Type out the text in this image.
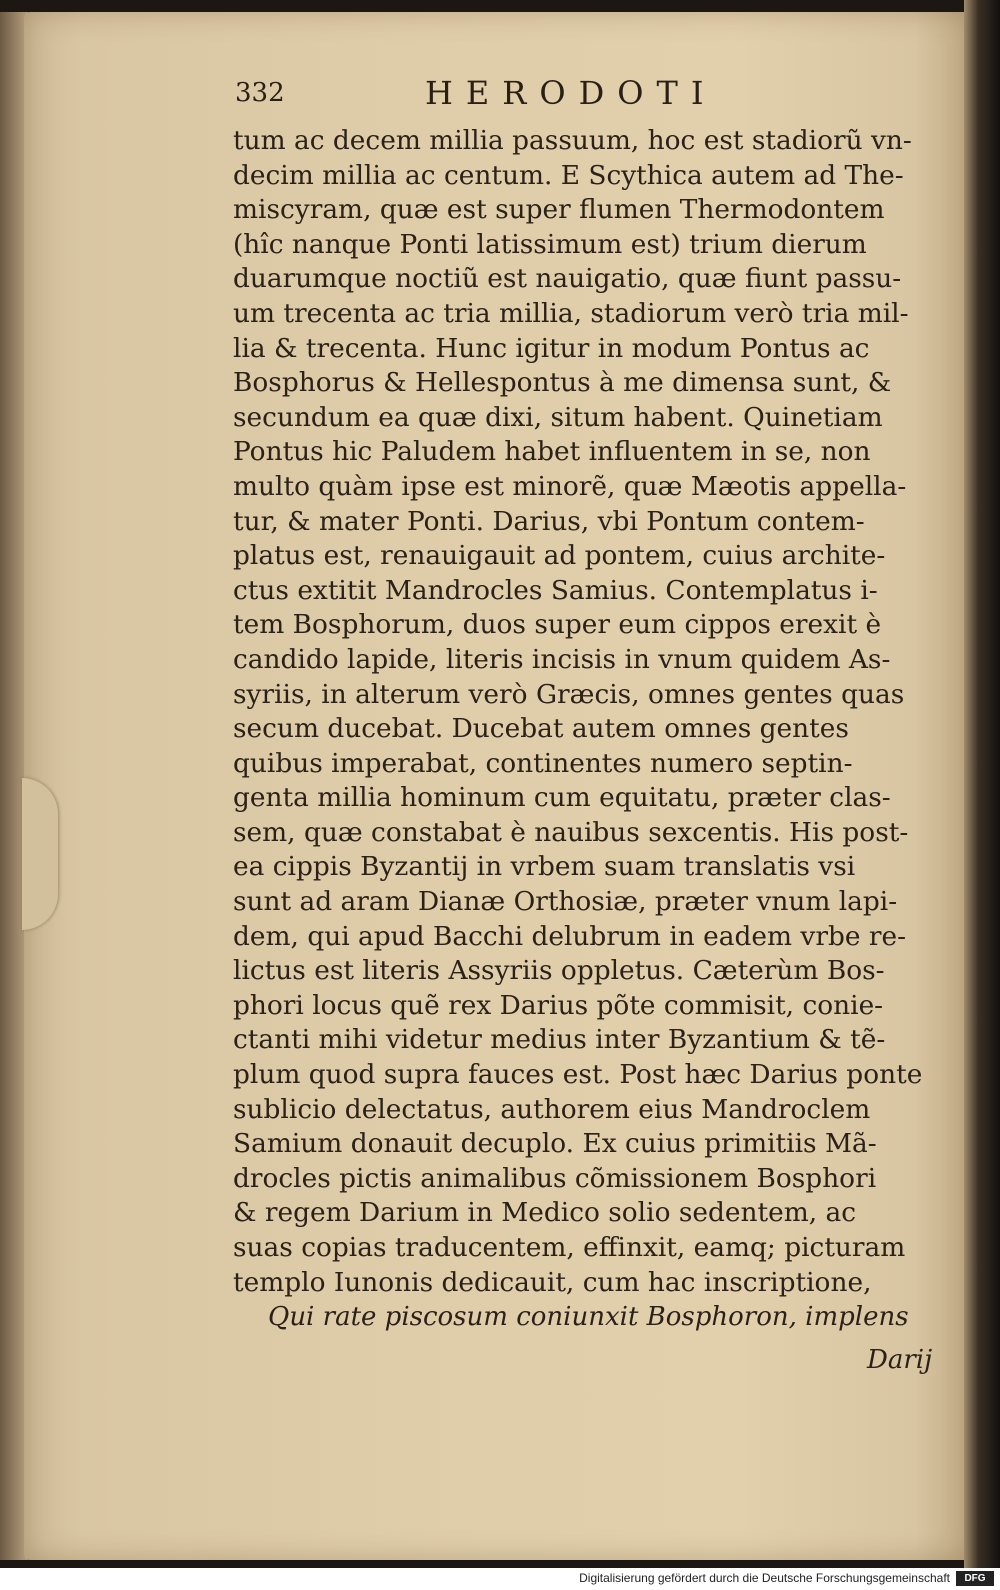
332	HERODOTI
tum ac decem millia passuum, hoc est stadiorũ vn-
decim millia ac centum. E Scythica autem ad The-
miscyram, quæ est super flumen Thermodontem
(hîc nanque Ponti latissimum est) trium dierum
duarumque noctiũ est nauigatio, quæ fiunt passu-
um trecenta ac tria millia, stadiorum verò tria mil-
lia & trecenta. Hunc igitur in modum Pontus ac
Bosphorus & Hellespontus à me dimensa sunt, &
secundum ea quæ dixi, situm habent. Quinetiam
Pontus hic Paludem habet influentem in se, non
multo quàm ipse est minorẽ, quæ Mæotis appella-
tur, & mater Ponti. Darius, vbi Pontum contem-
platus est, renauigauit ad pontem, cuius archite-
ctus extitit Mandrocles Samius. Contemplatus i-
tem Bosphorum, duos super eum cippos erexit è
candido lapide, literis incisis in vnum quidem As-
syriis, in alterum verò Græcis, omnes gentes quas
secum ducebat. Ducebat autem omnes gentes
quibus imperabat, continentes numero septin-
genta millia hominum cum equitatu, præter clas-
sem, quæ constabat è nauibus sexcentis. His post-
ea cippis Byzantij in vrbem suam translatis vsi
sunt ad aram Dianæ Orthosiæ, præter vnum lapi-
dem, qui apud Bacchi delubrum in eadem vrbe re-
lictus est literis Assyriis oppletus. Cæterùm Bos-
phori locus quẽ rex Darius põte commisit, conie-
ctanti mihi videtur medius inter Byzantium & tẽ-
plum quod supra fauces est. Post hæc Darius ponte
sublicio delectatus, authorem eius Mandroclem
Samium donauit decuplo. Ex cuius primitiis Mã-
drocles pictis animalibus cõmissionem Bosphori
& regem Darium in Medico solio sedentem, ac
suas copias traducentem, effinxit, eamq; picturam
templo Iunonis dedicauit, cum hac inscriptione,
Qui rate piscosum coniunxit Bosphoron, implens
Darij
Digitalisierung gefördert durch die Deutsche Forschungsgemeinschaft	DFG
